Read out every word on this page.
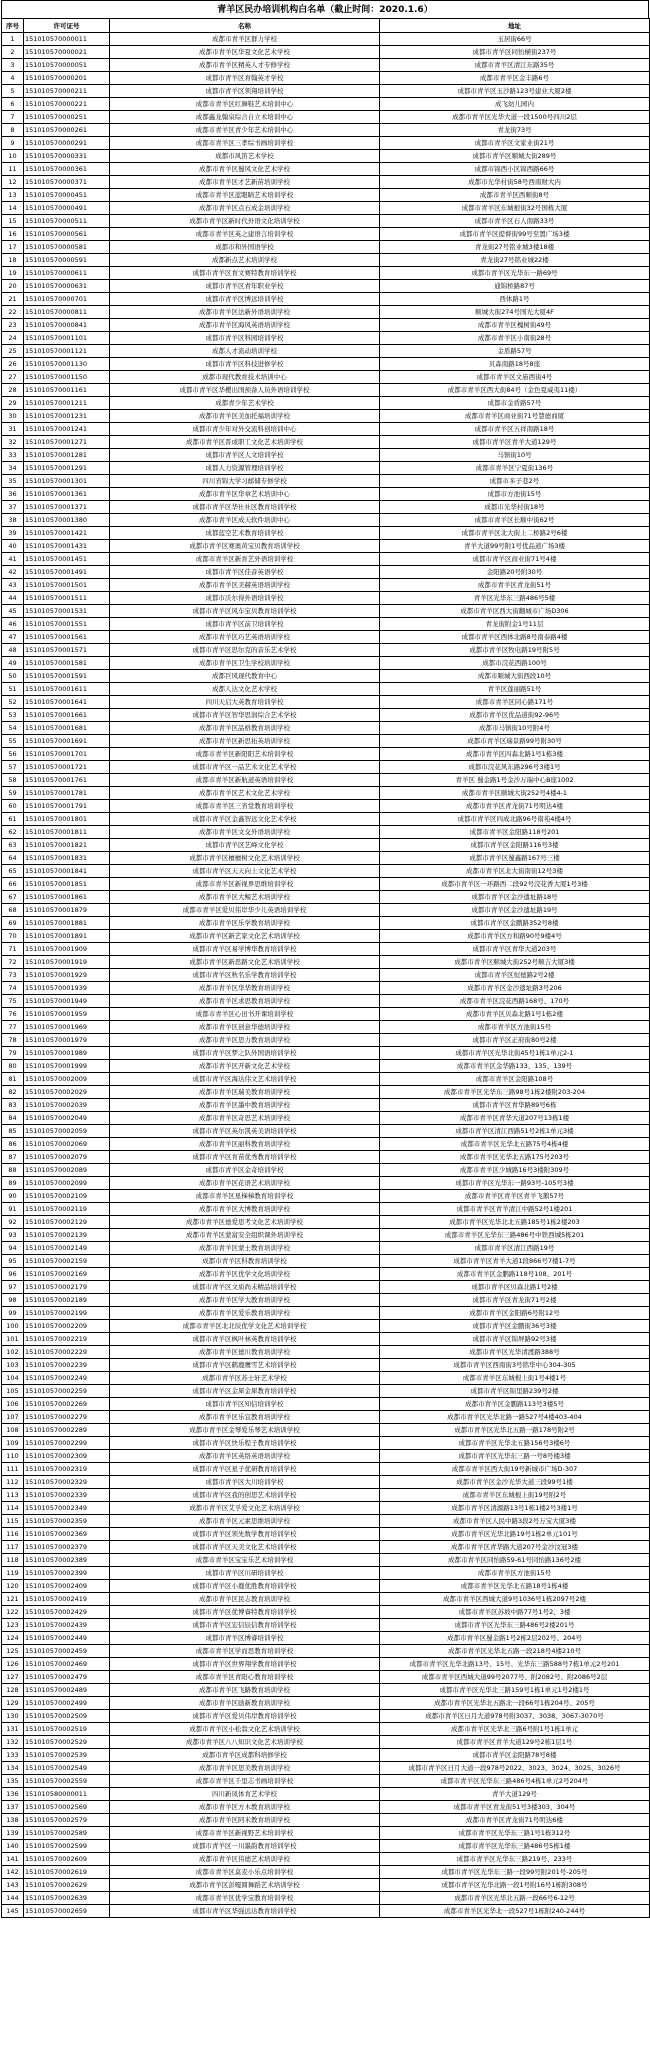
青羊区民办培训机构白名单（截止时间：2020.1.6）
序号	许可证号	名称	地址
1	151010570000011	成都市青羊区群力学校	玉居街66号
2	151010570000021	成都市青羊区华夏文化艺术学校	成都市青羊区同怡横街237号
3	151010570000051	成都市青羊区精英人才专修学校	成都市青羊区清江东路35号
4	151010570000201	成都市青羊区育翰英才学校	成都市青羊区金丰路6号
5	151010570000211	成都市青羊区领翔培训学校	成都市青羊区玉沙路123号建业大厦2楼
6	151010570000221	成都市青羊区红舞鞋艺术培训中心	成飞幼儿园内
7	151010570000251	成都鑫龙翰泉综合自立术培训中心	成都市青羊区光华大道一段1500号四川2层
8	151010570000261	成都市青羊区青少年艺术培训中心	青龙街73号
9	151010570000291	成都市青羊区三孝综书画培训学校	成都市青羊区文家业街21号
10	151010570000331	成都市风笛艺术学校	成都市青羊区顺城大街289号
11	151010570000361	成都市青羊区蜀风文化艺术学校	成都市锦西小区锦西路66号
12	151010570000371	成都市青羊区才艺新苗培训学校	成都市光华村街58号西南财大内
13	151010570000451	成都市青羊区蓝眼睛艺术培训学校	成都市青羊区西顺街8号
14	151010570000491	成都市青羊区点石成金培训学校	成都市青羊区东城根街32号国栋大厦
15	151010570000511	成都市青羊区新时代外语文化培训学校	成都市青羊区石人南路33号
16	151010570000561	成都市青羊区英之建语言培训学校	成都市青羊区提督街99号至置广场3楼
17	151010570000581	成都市和外国语学校	青龙街27号铭业城3楼18楼
18	151010570000591	成都新点艺术培训学校	青龙街27号铭业城22楼
19	151010570000611	成都市青羊区育文赛特教育培训学校	成都市青羊区光华东一路69号
20	151010570000631	成都市青羊区青年职业学校	通锦桥路87号
21	151010570000701	成都市青羊区博远培训学校	西体路1号
22	151010570000811	成都市青羊区法新外语培训学校	顺城大街274号国光大厦4F
23	151010570000841	成都市青羊区海风英语培训学校	成都市青羊区槐树街49号
24	151010570001101	成都市青羊区科园培训学校	成都市青羊区小南街28号
25	151010570001121	成都人才流动培训学校	金盾路57号
26	151010570001130	成都市青羊区科技进修学校	贝森南路18号8座
27	151010570001150	成都市现代教育技术培训中心	成都市青羊区文庙西街4号
28	151010570001161	成都市青羊区华樱出国预备人员外语培训学校	成都市青羊区西大街84号（金色夏威夷11楼）
29	151010570001211	成都青少年艺术学校	成都市金盾路57号
30	151010570001231	成都市青羊区美加托福培训学校	成都市青羊区商业街71号慧德商厦
31	151010570001241	成都市青少年对外交流科创培训中心	成都市青羊区五祥南路18号
32	151010570001271	成都市青羊区晋成职工文化艺术培训学校	成都市青羊区青羊大道129号
33	151010570001281	成都市青羊区人文培训学校	马镇街10号
34	151010570001291	成都人力资源管理培训学校	成都市青羊区宁夏街136号
35	151010570001301	四川省锦大学习邮储专修学校	成都市多子巷2号
36	151010570001361	成都市青羊区华章艺术培训中心	成都市方池街15号
37	151010570001371	成都市青羊区华仕社区教育培训学校	成都市光华村街18号
38	151010570001380	成都市青羊区成天软件培训中心	成都市青羊区长顺中街62号
39	151010570001421	成都蓝空艺术教育培训学校	成都市青羊区北大街上二桥路2号6楼
40	151010570001431	成都市青羊区赛奥黄宝贝教育培训学校	青羊大道99号附1号优品道广场3楼
41	151010570001451	成都市青羊区新育艺外语培训学校	成都市青羊区商业街71号4楼
42	151010570001491	成都市青羊区佳音英语学校	金阳路20号附30号
43	151010570001501	成都市青羊区美赫英语培训学校	成都市青羊区青龙街51号
44	151010570001511	成都市沃尔得外语培训学校	青羊区光华东三路486号5楼
45	151010570001531	成都市青羊区风车宝贝教育培训学校	成都市青羊区西大街翻城市广场D306
46	151010570001551	成都市青羊区前卫培训学校	青龙街附金1号11层
47	151010570001561	成都市青羊区巧艺英语培训学校	成都市青羊区西体北路8号南泰路4楼
48	151010570001571	成都市青羊区思尔克的音乐艺术学校	成都市青羊区牧电路19号附5号
49	151010570001581	成都市青羊区卫生学校培训学校	成都市浣花西路100号
50	151010570001591	成都巨风现代教育中心	成都市顺城大街西段10号
51	151010570001611	成都人达文化艺术学校	青羊区莲丽路51号
52	151010570001641	四川天启大英教育培训学校	成都市青羊区同心路171号
53	151010570001661	成都市青羊区智华思润综合艺术学校	成都市青羊区优品道街92-96号
54	151010570001681	成都市青羊区品格教育培训学校	成都市马镇街10号附4号
55	151010570001691	成都市青羊区新思拓英培训学校	成都市青羊区瑞景路99号附30号
56	151010570001701	成都市青羊区新阳阳艺术培训学校	成都市青羊区四森北路1号1栋3楼
57	151010570001721	成都市青羊区一品艺术文化艺术学校	成都市浣花风东路296号3楼1号
58	151010570001761	成都市青羊区新航道英语培训学校	青羊区 蜀金路1号金沙万瑞中心B座1002
59	151010570001781	成都市青羊区艺术文化艺术学校	成都市青羊区顺城大街252号4楼4-1
60	151010570001791	成都市青羊区三省堂教育培训学校	成都市青羊区青龙街71号明达4楼
61	151010570001801	成都市青羊区金鑫智远文化艺术学校	成都市青羊区四成北路96号南苑4楼4号
62	151010570001811	成都市青羊区文交外语培训学校	成都市青羊区金阳路118号201
63	151010570001821	成都市青羊区艺峰文化学校	成都市青羊区金阳路116号3楼
64	151010570001831	成都市青羊区檀檀树文化艺术培训学校	成都市青羊区蜀鑫路167号三楼
65	151010570001841	成都市青羊区天天向上文化艺术学校	成都市青羊区北大街南街12号3楼
66	151010570001851	成都市青羊区新视界思维培训学校	成都市青羊区一环路西二段92号浣花香大厦1号3楼
67	151010570001861	成都市青羊区大鲸艺术培训学校	成都市青羊区金沙遗址路18号
68	151010570001879	成都市青羊区爱贝伟岸华少儿英语培训学校	成都市青羊区金沙遗址路19号
69	151010570001881	成都市青羊区乐学教育培训学校	成都市青羊区金鹏路352号8楼
70	151010570001891	成都市青羊区新艺家文化艺术培训学校	成都市青羊区方和路90号9楼4号
71	151010570001909	成都市青羊区易学博华教育培训学校	成都市青羊区青华大道203号
72	151010570001919	成都市青羊区新思路文化艺术培训学校	成都市青羊区顺城大街252号顺吉大厦3楼
73	151010570001929	成都市青羊区秋名乐学教育培训学校	成都市青羊区恒德路2号2楼
74	151010570001939	成都市青羊区华华教育培训学校	成都市青羊区金沙遗址路3号206
75	151010570001949	成都市青羊区求思教育培训学校	成都市青羊区浣花西路168号、170号
76	151010570001959	成都市青羊区心田书开课培训学校	成都市青羊区贝森北路1号1栋2楼
77	151010570001969	成都市青羊区创意华德培训学校	成都市青羊区方池街15号
78	151010570001979	成都市青羊区思力教育培训学校	成都市青羊区正府街80号2楼
79	151010570001989	成都市青羊区梦之队外国语培训学校	成都市青羊区光华北街45号1栋1单元2-1
80	151010570001999	成都市青羊区开新文化艺术学校	成都市青羊区金华路133、135、139号
81	151010570002009	成都市青羊区海达伟文艺术培训学校	成都市青羊区金阳路108号
82	151010570002029	成都市青羊区瑞美教育培训学校	成都市青羊区光华东三路98号1栋2楼附203-204
83	151010570002039	成都市青羊区墨中教育培训学校	成都市青羊区青华路89号6栋
84	151010570002049	成都市青羊区奇思艺术培训学校	成都市青羊区青华大道207号13栋1楼
85	151010570002059	成都市青羊区英尔凯英美语培训学校	成都市青羊区清江西路51号2栋1单元3楼
86	151010570002069	成都市青羊区丽科教育培训学校	成都市青羊区光华北五路75号4栋4楼
87	151010570002079	成都市青羊区育苗优秀教育培训学校	成都市青羊区光华北五路175号203号
88	151010570002089	成都市青羊区金奇培训学校	成都市青羊区少城路16号3楼附309号
89	151010570002099	成都市青羊区花语艺术培训学校	成都市青羊区光华东一路93号-105号3楼
90	151010570002109	成都市青羊区星梯梯教育培训学校	成都市青羊区青羊区青羊飞鹅57号
91	151010570002119	成都市青羊区大博教育培训学校	成都市青羊区青羊清江中路52号1楼201
92	151010570002129	成都市青羊区德爱思考文化艺术培训学校	成都市青羊区光华北北五路185号1栋2楼203
93	151010570002139	成都市青羊区蒙富安全组织课外培训学校	成都市青羊区光华东三路486号中铁西城5栋201
94	151010570002149	成都市青羊区蒙士教育培训学校	成都市青羊区清江西路19号
95	151010570002159	成都市青羊区科教育培训学校	成都市青羊区青羊大道1段866号7楼1-7号
96	151010570002169	成都市青羊区优学文化培训学校	成都市青羊区金鹏路118号108、201号
97	151010570002179	成都市青羊区文质尚未精品培训学校	成都市青羊区贝森北路1号2楼
98	151010570002189	成都市青羊区学大教育培训学校	成都市青羊区青龙街71号2楼
99	151010570002199	成都市青羊区爱乐教育培训学校	成都市青羊区金阳路6号附12号
100	151010570002209	成都市青羊区北北辰优学文化艺术培训学校	成都市青羊区金鹏街36号3楼
101	151010570002219	成都市青羊区枫叶林英教育培训学校	成都市青羊区锦屏路92号3楼
102	151010570002229	成都市青羊区德川教育培训学校	成都市青羊区光华清渡路388号
103	151010570002239	成都市青羊区鹤鹿鹰雪艺术培训学校	成都市青羊区西南街3号铭华中心304-305
104	151010570002249	成都市青羊区苏士轩艺术学校	成都市青羊区东城根上街1号4楼1号
105	151010570002259	成都市青羊区金犀金犀教育培训学校	成都市青羊区锦里路239号2楼
106	151010570002269	成都市青羊区知信培训学校	成都市青羊区金鹏路113号3楼5号
107	151010570002279	成都市青羊区乐宜教育培训学校	成都市青羊区光华北路一路527号4楼403-404
108	151010570002289	成都市青羊区金琴爱乐琴艺术培训学校	成都市青羊区光华北五路一路178号附2号
109	151010570002299	成都市青羊区快乐程子教育培训学校	成都市青羊区光华北五路156号3楼6号
110	151010570002309	成都市青羊区英络英语培训学校	成都市青羊区光华东三路一号8号楼3楼
111	151010570002319	成都市青羊区星子优研教育培训学校	成都市青羊区西大街19号新城市广场D-307
112	151010570002329	成都市青羊区大川培训学校	成都市青羊区金沙光华大道三段99号1楼
113	151010570002339	成都市青羊区我的创思艺术培训学校	成都市青羊区东城根上街19号附2号
114	151010570002349	成都市青羊区艾孚爱文化艺术培训学校	成都市青羊区清源路13号1栋1楼2号3楼1号
115	151010570002359	成都市青羊区元素思维培训学校	成都市青羊区人民中路3段2号万宝大厦3楼
116	151010570002369	成都市青羊区领先数学教育培训学校	成都市青羊区光华北路19号1栋2单元101号
117	151010570002379	成都市青羊区天美文化艺术培训学校	成都市青羊区青华路大道207号金沙汶冠3楼
118	151010570002389	成都市青羊区宝宝乐艺术培训学校	成都市青羊区同怡路59-61号同怡路136号2楼
119	151010570002399	成都市青羊区川研培训学校	成都市青羊区方池街15号
120	151010570002409	成都市青羊区小鹿优胜教育培训学校	成都市青羊区光华北五路18号1栋4楼
121	151010570002419	成都市青羊区民志教育培训学校	成都市青羊区西城大道9号1036号1栋2097号2楼
122	151010570002429	成都市青羊区优博睿特教育培训学校	成都市青羊区苏坡中路77号1号2、3楼
123	151010570002439	成都市青羊区宏信辰信教育培训学校	成都市青羊区光华东三路486号2楼201号
124	151010570002449	成都市青羊区博睿培训学校	成都市青羊区蜀金路1号2栋2层202号、204号
125	151010570002459	成都市青羊区学而思教育培训学校	成都市青羊区光华北五路一段218号4楼210号
126	151010570002469	成都市青羊区世界翔学教育培训学校	成都市青羊区光华北路13号、15号、光华东三路588号7栋1单元2号201
127	151010570002479	成都市青羊区青阳心教育培训学校	成都市青羊区西城大道99号2077号、附2082号、附2086号2层
128	151010570002489	成都市青羊区飞路教育培训学校	成都市青羊区光华北三路159号1栋1单元1号2楼1号
129	151010570002499	成都市青羊区励新教育培训学校	成都市青羊区光华北五路北一段66号1栋204号、205号
130	151010570002509	成都市青羊区爱贝伟岸教育培训学校	成都市青羊区日月大道978号附3037、3038、3067-3070号
131	151010570002519	成都市青羊区小松翁文化艺术培训学校	成都市青羊区光华北三路6号附1号1栋1单元
132	151010570002529	成都市青羊区八八知识文化艺术培训学校	成都市青羊区青羊大道129号2栋1层1号
133	151010570002539	成都市青羊区成都科培修学校	成都市青羊区金阳路78号8楼
134	151010570002549	成都市青羊区思美教育培训学校	成都市青羊区日月大道一段978号2022、3023、3024、3025、3026号
135	151010570002559	成都市青羊区千里志书画培训学校	成都市青羊区光华东三路486号4栋1单元2号204号
136	151010580000011	四川新凤体育艺术学校	青羊大道129号
137	151010570002569	成都市青羊区方木教育培训学校	成都市青羊区青龙街51号3楼303、304号
138	151010570002579	成都市青羊区阿米教育培训学校	成都市青羊区青龙街71号明达6楼
139	151010570002589	成都市青羊区新视野艺术培训学校	成都市青羊区光华东三路1号1栋312号
140	151010570002599	成都市青羊区一川墨韵教育培训学校	成都市青羊区光华东三路486号5栋1楼
141	151010570002609	成都市青羊区伟德艺术培训学校	成都市青羊区光华东三路219号、233号
142	151010570002619	成都市青羊区莫麦小乐点培训学校	成都市青羊区光华东三路一段99号附201号-205号
143	151010570002629	成都市青羊区彭嘎圆舞蹈艺术培训学校	成都市青羊区光华北路一段1号附16号1栋附308号
144	151010570002639	成都市青羊区优学宝教育培训学校	成都市青羊区光华北五路一段66号6-12号
145	151010570002659	成都市青羊区华强远达教育培训学校	成都市青羊区光华北一段527号1栋附240-244号
